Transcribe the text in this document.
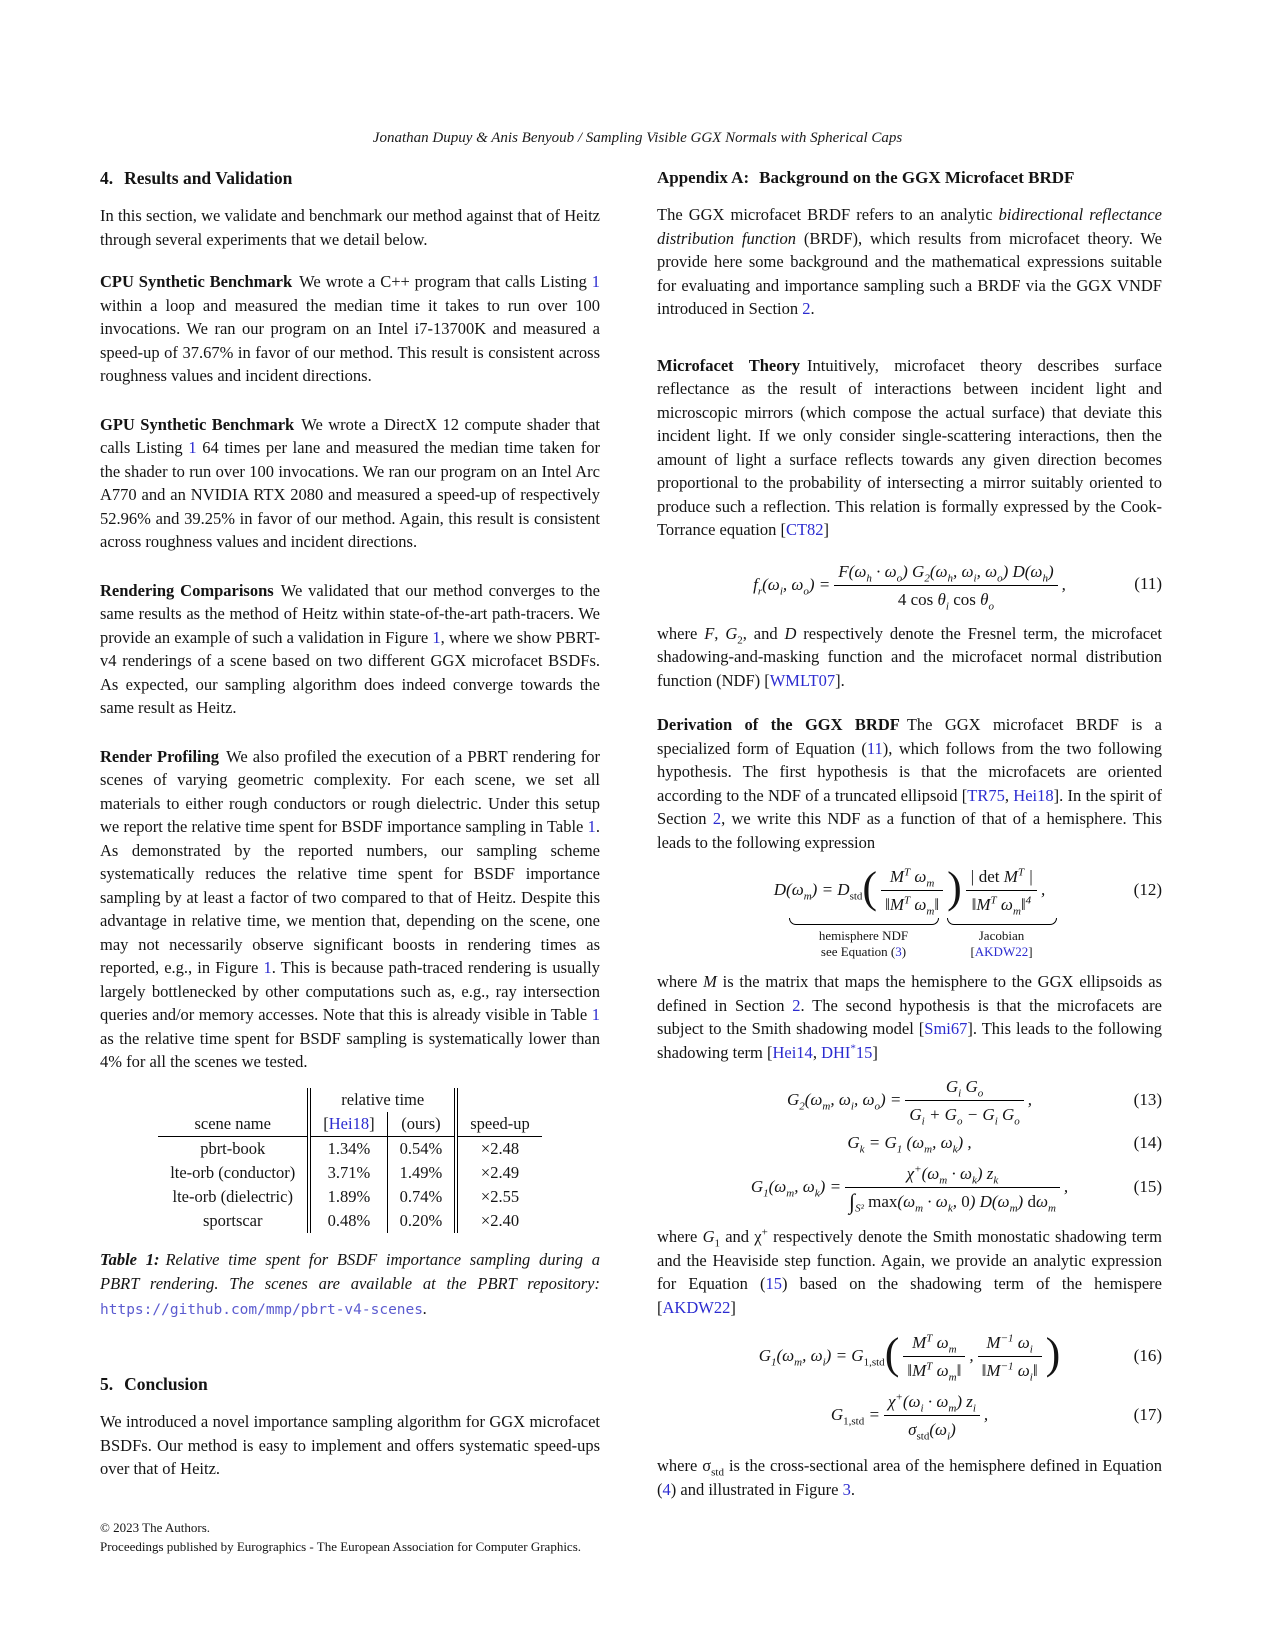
Jonathan Dupuy & Anis Benyoub / Sampling Visible GGX Normals with Spherical Caps
4. Results and Validation

In this section, we validate and benchmark our method against that of Heitz through several experiments that we detail below.

CPU Synthetic Benchmark We wrote a C++ program that calls Listing 1 within a loop and measured the median time it takes to run over 100 invocations. We ran our program on an Intel i7-13700K and measured a speed-up of 37.67% in favor of our method. This result is consistent across roughness values and incident directions.

GPU Synthetic Benchmark We wrote a DirectX 12 compute shader that calls Listing 1 64 times per lane and measured the median time taken for the shader to run over 100 invocations. We ran our program on an Intel Arc A770 and an NVIDIA RTX 2080 and measured a speed-up of respectively 52.96% and 39.25% in favor of our method. Again, this result is consistent across roughness values and incident directions.

Rendering Comparisons We validated that our method converges to the same results as the method of Heitz within state-of-the-art path-tracers. We provide an example of such a validation in Figure 1, where we show PBRT-v4 renderings of a scene based on two different GGX microfacet BSDFs. As expected, our sampling algorithm does indeed converge towards the same result as Heitz.

Render Profiling We also profiled the execution of a PBRT rendering for scenes of varying geometric complexity. For each scene, we set all materials to either rough conductors or rough dielectric. Under this setup we report the relative time spent for BSDF importance sampling in Table 1. As demonstrated by the reported numbers, our sampling scheme systematically reduces the relative time spent for BSDF importance sampling by at least a factor of two compared to that of Heitz. Despite this advantage in relative time, we mention that, depending on the scene, one may not necessarily observe significant boosts in rendering times as reported, e.g., in Figure 1. This is because path-traced rendering is usually largely bottlenecked by other computations such as, e.g., ray intersection queries and/or memory accesses. Note that this is already visible in Table 1 as the relative time spent for BSDF sampling is systematically lower than 4% for all the scenes we tested.

	relative time		
scene name	[Hei18]	(ours)	speed-up
pbrt-book	1.34%	0.54%	×2.48
lte-orb (conductor)	3.71%	1.49%	×2.49
lte-orb (dielectric)	1.89%	0.74%	×2.55
sportscar	0.48%	0.20%	×2.40

Table 1: Relative time spent for BSDF importance sampling during a PBRT rendering. The scenes are available at the PBRT repository: https://github.com/mmp/pbrt-v4-scenes.

5. Conclusion

We introduced a novel importance sampling algorithm for GGX microfacet BSDFs. Our method is easy to implement and offers systematic speed-ups over that of Heitz.

© 2023 The Authors.
Proceedings published by Eurographics - The European Association for Computer Graphics.
Appendix A: Background on the GGX Microfacet BRDF

The GGX microfacet BRDF refers to an analytic bidirectional reflectance distribution function (BRDF), which results from microfacet theory. We provide here some background and the mathematical expressions suitable for evaluating and importance sampling such a BRDF via the GGX VNDF introduced in Section 2.

Microfacet Theory Intuitively, microfacet theory describes surface reflectance as the result of interactions between incident light and microscopic mirrors (which compose the actual surface) that deviate this incident light. If we only consider single-scattering interactions, then the amount of light a surface reflects towards any given direction becomes proportional to the probability of intersecting a mirror suitably oriented to produce such a reflection. This relation is formally expressed by the Cook-Torrance equation [CT82]

$f_r(\omega_i$, $\omega_o) = \frac{F(\omega_h \cdot \omega_o) G_2(\omega_h, \omega_i, \omega_o) D(\omega_h)}{4 \cos \theta_i \cos \theta_o}$ ,	(11)

where F, $G_2$, and D respectively denote the Fresnel term, the microfacet shadowing-and-masking function and the microfacet normal distribution function (NDF) [WMLT07].

Derivation of the GGX BRDF The GGX microfacet BRDF is a specialized form of Equation (11), which follows from the two following hypothesis. The first hypothesis is that the microfacets are oriented according to the NDF of a truncated ellipsoid [TR75, Hei18]. In the spirit of Section 2, we write this NDF as a function of that of a hemisphere. This leads to the following expression

$D(\omega_m) = D_{std}$ ( $\frac{M^T \omega_m}{‖M^T \omega_m‖}$ ) $\frac{| \det M^T |}{‖M^T \omega_m‖^4}$ ,	(12)
hemisphere NDF
see Equation (3)
Jacobian
[AKDW22]

where M is the matrix that maps the hemisphere to the GGX ellipsoids as defined in Section 2. The second hypothesis is that the microfacets are subject to the Smith shadowing model [Smi67]. This leads to the following shadowing term [Hei14, DHI*15]

$G_2(\omega_m$, $\omega_i$, $\omega_o) = \frac{G_i G_o}{G_i + G_o - G_i G_o}$ ,	(13)
$G_k = G_1$ ($\omega_m$, $\omega_k$) ,	(14)
$G_1(\omega_m$, $\omega_k) = \frac{\chi^+(\omega_m \cdot \omega_k) z_k}{\int_{S^2} \max(\omega_m \cdot \omega_k, 0) D(\omega_m) d\omega_m}$ ,	(15)

where $G_1$ and χ+ respectively denote the Smith monostatic shadowing term and the Heaviside step function. Again, we provide an analytic expression for Equation (15) based on the shadowing term of the hemispere [AKDW22]

$G_1(\omega_m$, $\omega_i) = G_{1,std}$ ( $\frac{M^T \omega_m}{‖M^T \omega_m‖}$ , $\frac{M^{-1} \omega_i}{‖M^{-1} \omega_i‖}$ )	(16)
$G_{1,std} = \frac{\chi^+(\omega_i \cdot \omega_m) z_i}{\sigma_{std}(\omega_i)}$ ,	(17)

where $\sigma_{std}$ is the cross-sectional area of the hemisphere defined in Equation (4) and illustrated in Figure 3.
